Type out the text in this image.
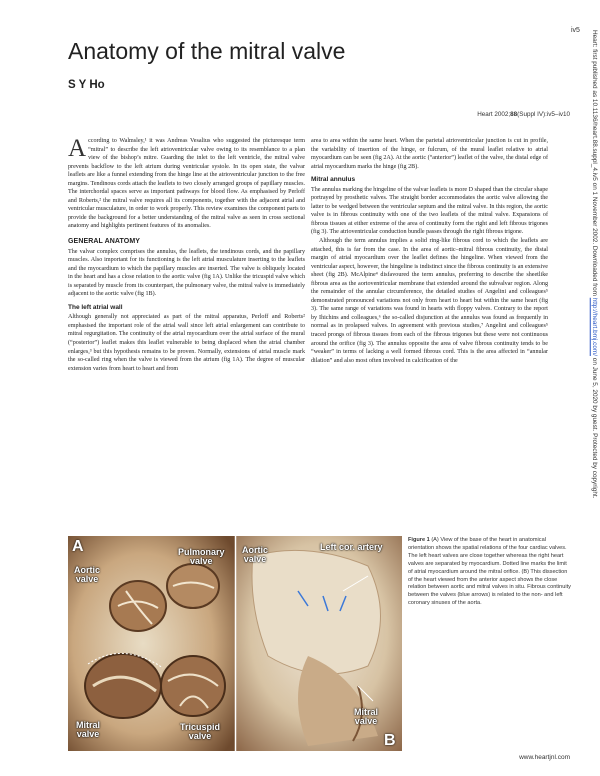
iv5
Anatomy of the mitral valve
S Y Ho
Heart 2002;88(Suppl IV):iv5–iv10	Heart: first published as 10.1136/heart.88.suppl_4.iv5 on 1 November 2002. Downloaded from http://heart.bmj.com/ on June 5, 2020 by guest. Protected by copyright.

According to Walmsley,¹ it was Andreas Vesalius who suggested the picturesque term “mitral” to describe the left atrioventricular valve owing to its resemblance to a plan view of the bishop’s mitre. Guarding the inlet to the left ventricle, the mitral valve prevents backflow to the left atrium during ventricular systole. In its open state, the valvar leaflets are like a funnel extending from the hinge line at the atrioventricular junction to the free margins. Tendinous cords attach the leaflets to two closely arranged groups of papillary muscles. The interchordal spaces serve as important pathways for blood flow. As emphasised by Perloff and Roberts,² the mitral valve requires all its components, together with the adjacent atrial and ventricular musculature, in order to work properly. This review examines the component parts to provide the background for a better understanding of the mitral valve as seen in cross sectional anatomy and highlights pertinent features of its anomalies.

GENERAL ANATOMY

The valvar complex comprises the annulus, the leaflets, the tendinous cords, and the papillary muscles. Also important for its functioning is the left atrial musculature inserting to the leaflets and the myocardium to which the papillary muscles are inserted. The valve is obliquely located in the heart and has a close relation to the aortic valve (fig 1A). Unlike the tricuspid valve which is separated by muscle from its counterpart, the pulmonary valve, the mitral valve is immediately adjacent to the aortic valve (fig 1B).

The left atrial wall

Although generally not appreciated as part of the mitral apparatus, Perloff and Roberts² emphasised the important role of the atrial wall since left atrial enlargement can contribute to mitral regurgitation. The continuity of the atrial myocardium over the atrial surface of the mural (“posterior”) leaflet makes this leaflet vulnerable to being displaced when the atrial chamber enlarges,³ but this hypothesis remains to be proven. Normally, extensions of atrial muscle mark the so-called ring when the valve is viewed from the atrium (fig 1A). The degree of muscular extension varies from heart to heart and from

area to area within the same heart. When the parietal atrioventricular junction is cut in profile, the variability of insertion of the hinge, or fulcrum, of the mural leaflet relative to atrial myocardium can be seen (fig 2A). At the aortic (“anterior”) leaflet of the valve, the distal edge of atrial myocardium marks the hinge (fig 2B).

Mitral annulus

The annulus marking the hingeline of the valvar leaflets is more D shaped than the circular shape portrayed by prosthetic valves. The straight border accommodates the aortic valve allowing the latter to be wedged between the ventricular septum and the mitral valve. In this region, the aortic valve is in fibrous continuity with one of the two leaflets of the mitral valve. Expansions of fibrous tissues at either extreme of the area of continuity form the right and left fibrous trigones (fig 3). The atrioventricular conduction bundle passes through the right fibrous trigone.

Although the term annulus implies a solid ring-like fibrous cord to which the leaflets are attached, this is far from the case. In the area of aortic–mitral fibrous continuity, the distal margin of atrial myocardium over the leaflet defines the hingeline. When viewed from the ventricular aspect, however, the hingeline is indistinct since the fibrous continuity is an extensive sheet (fig 2B). McAlpine⁴ disfavoured the term annulus, preferring to describe the sheetlike fibrous area as the aortoventricular membrane that extended around the subvalvar region. Along the remainder of the annular circumference, the detailed studies of Angelini and colleagues⁵ demonstrated pronounced variations not only from heart to heart but within the same heart (fig 3). The same range of variations was found in hearts with floppy valves. Contrary to the report by Ihichins and colleagues,⁶ the so-called disjunction at the annulus was found as frequently in normal as in prolapsed valves. In agreement with previous studies,⁷ Angelini and colleagues⁵ traced prongs of fibrous tissues from each of the fibrous trigones but these were not continuous around the orifice (fig 3). The annulus opposite the area of valve fibrous continuity tends to be “weaker” in terms of lacking a well formed fibrous cord. This is the area affected in “annular dilation” and also most often involved in calcification of the

A
B
Aortic
valve
Pulmonary
valve
Mitral
valve
Tricuspid
valve
Aortic
valve
Left cor. artery
Mitral
valve
Figure 1 (A) View of the base of the heart in anatomical orientation shows the spatial relations of the four cardiac valves. The left heart valves are close together whereas the right heart valves are separated by myocardium. Dotted line marks the limit of atrial myocardium around the mitral orifice. (B) This dissection of the heart viewed from the anterior aspect shows the close relation between aortic and mitral valves in situ. Fibrous continuity between the valves (blue arrows) is related to the non- and left coronary sinuses of the aorta.
www.heartjnl.com
